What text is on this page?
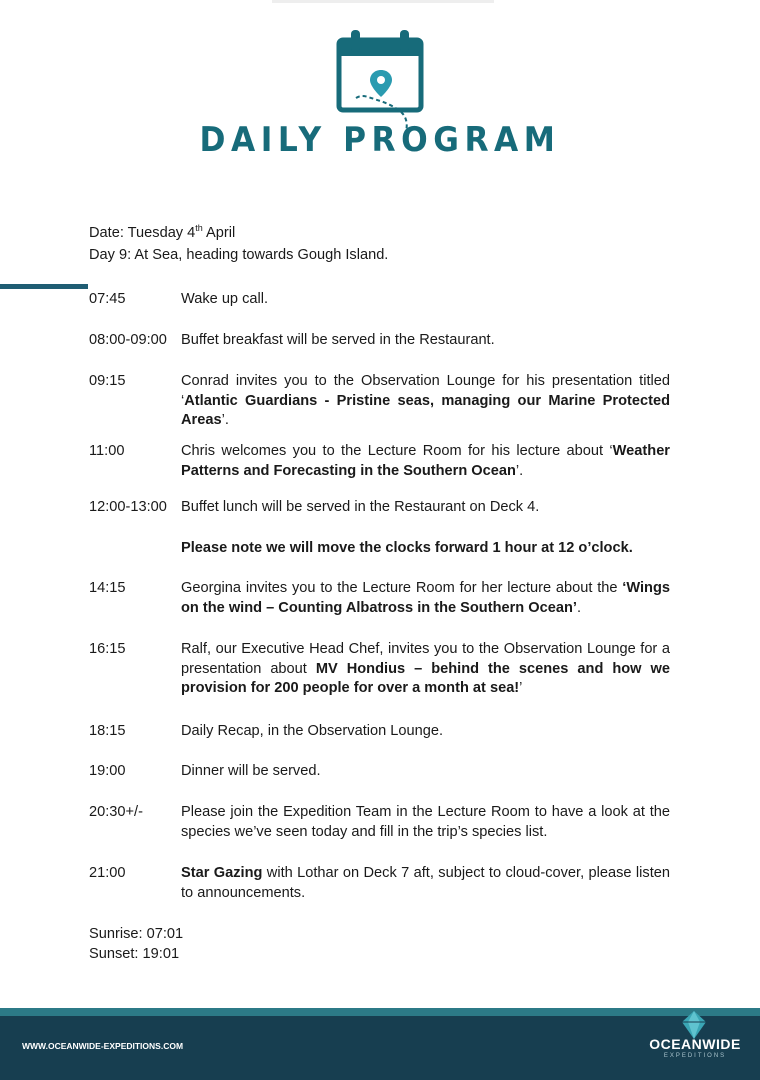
DAILY PROGRAM
Date: Tuesday 4th April
Day 9: At Sea, heading towards Gough Island.
07:45	Wake up call.
08:00-09:00 Buffet breakfast will be served in the Restaurant.
09:15	Conrad invites you to the Observation Lounge for his presentation titled ‘Atlantic Guardians - Pristine seas, managing our Marine Protected Areas’.
11:00	Chris welcomes you to the Lecture Room for his lecture about ‘Weather Patterns and Forecasting in the Southern Ocean’.
12:00-13:00 Buffet lunch will be served in the Restaurant on Deck 4.
Please note we will move the clocks forward 1 hour at 12 o’clock.
14:15	Georgina invites you to the Lecture Room for her lecture about the ‘Wings on the wind – Counting Albatross in the Southern Ocean’.
16:15	Ralf, our Executive Head Chef, invites you to the Observation Lounge for a presentation about MV Hondius – behind the scenes and how we provision for 200 people for over a month at sea!’
18:15	Daily Recap, in the Observation Lounge.
19:00	Dinner will be served.
20:30+/-	Please join the Expedition Team in the Lecture Room to have a look at the species we’ve seen today and fill in the trip’s species list.
21:00	Star Gazing with Lothar on Deck 7 aft, subject to cloud-cover, please listen to announcements.
Sunrise: 07:01
Sunset: 19:01
WWW.OCEANWIDE-EXPEDITIONS.COM	OCEANWIDE
EXPEDITIONS
